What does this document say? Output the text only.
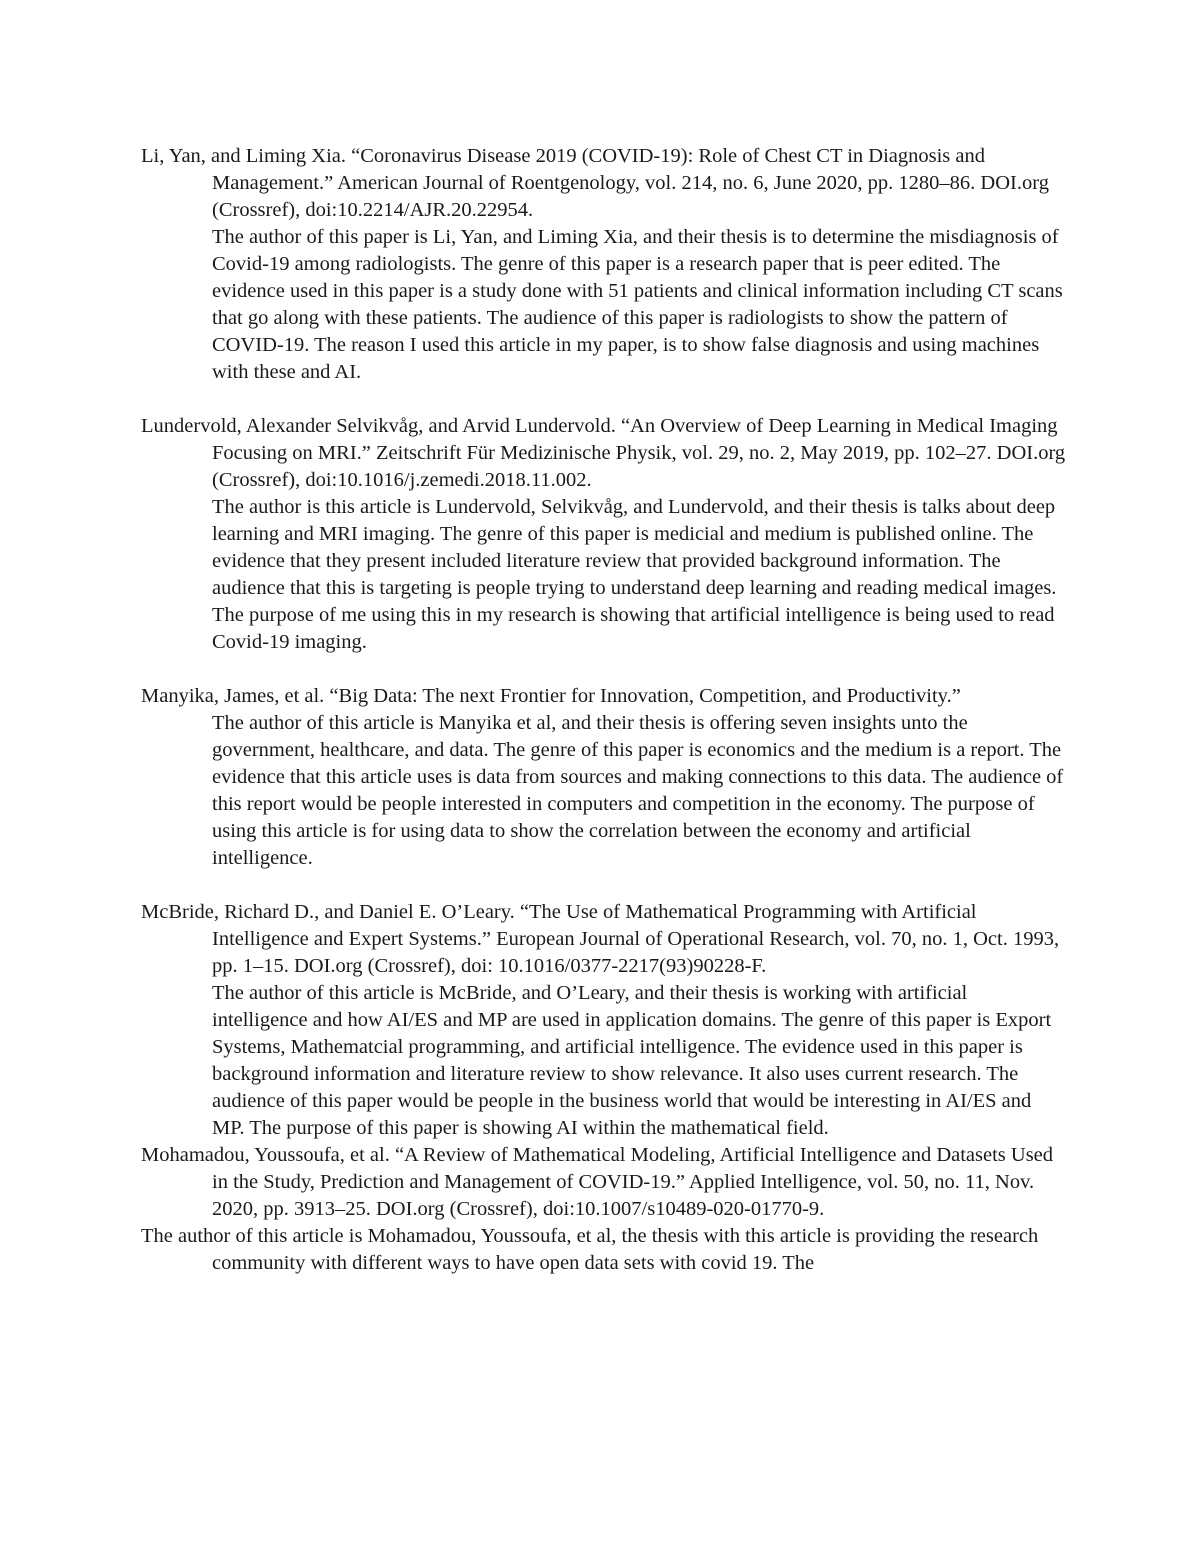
Li, Yan, and Liming Xia. “Coronavirus Disease 2019 (COVID-19): Role of Chest CT in Diagnosis and Management.” American Journal of Roentgenology, vol. 214, no. 6, June 2020, pp. 1280–86. DOI.org (Crossref), doi:10.2214/AJR.20.22954.

The author of this paper is Li, Yan, and Liming Xia, and their thesis is to determine the misdiagnosis of Covid-19 among radiologists. The genre of this paper is a research paper that is peer edited. The evidence used in this paper is a study done with 51 patients and clinical information including CT scans that go along with these patients. The audience of this paper is radiologists to show the pattern of COVID-19. The reason I used this article in my paper, is to show false diagnosis and using machines with these and AI.

Lundervold, Alexander Selvikvåg, and Arvid Lundervold. “An Overview of Deep Learning in Medical Imaging Focusing on MRI.” Zeitschrift Für Medizinische Physik, vol. 29, no. 2, May 2019, pp. 102–27. DOI.org (Crossref), doi:10.1016/j.zemedi.2018.11.002.

The author is this article is Lundervold, Selvikvåg, and Lundervold, and their thesis is talks about deep learning and MRI imaging. The genre of this paper is medicial and medium is published online. The evidence that they present included literature review that provided background information. The audience that this is targeting is people trying to understand deep learning and reading medical images. The purpose of me using this in my research is showing that artificial intelligence is being used to read Covid-19 imaging.

Manyika, James, et al. “Big Data: The next Frontier for Innovation, Competition, and Productivity.”

The author of this article is Manyika et al, and their thesis is offering seven insights unto the government, healthcare, and data. The genre of this paper is economics and the medium is a report. The evidence that this article uses is data from sources and making connections to this data. The audience of this report would be people interested in computers and competition in the economy. The purpose of using this article is for using data to show the correlation between the economy and artificial intelligence.

McBride, Richard D., and Daniel E. O’Leary. “The Use of Mathematical Programming with Artificial Intelligence and Expert Systems.” European Journal of Operational Research, vol. 70, no. 1, Oct. 1993, pp. 1–15. DOI.org (Crossref), doi: 10.1016/0377-2217(93)90228-F.

The author of this article is McBride, and O’Leary, and their thesis is working with artificial intelligence and how AI/ES and MP are used in application domains. The genre of this paper is Export Systems, Mathematcial programming, and artificial intelligence. The evidence used in this paper is background information and literature review to show relevance. It also uses current research. The audience of this paper would be people in the business world that would be interesting in AI/ES and MP. The purpose of this paper is showing AI within the mathematical field.

Mohamadou, Youssoufa, et al. “A Review of Mathematical Modeling, Artificial Intelligence and Datasets Used in the Study, Prediction and Management of COVID-19.” Applied Intelligence, vol. 50, no. 11, Nov. 2020, pp. 3913–25. DOI.org (Crossref), doi:10.1007/s10489-020-01770-9.

The author of this article is Mohamadou, Youssoufa, et al, the thesis with this article is providing the research community with different ways to have open data sets with covid 19. The
